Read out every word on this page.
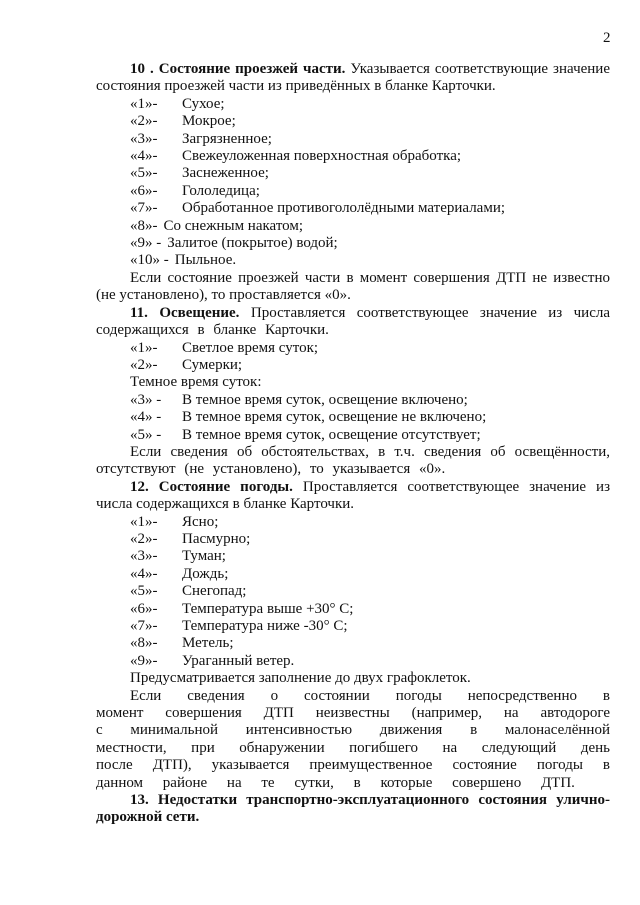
2

10 . Состояние проезжей части. Указывается соответствующие значение состояния проезжей части из приведённых в бланке Карточки.

«1»- Сухое;

«2»- Мокрое;

«3»- Загрязненное;

«4»- Свежеуложенная поверхностная обработка;

«5»- Заснеженное;

«6»- Гололедица;

«7»- Обработанное противогололёдными материалами;

«8»- Со снежным накатом;

«9» - Залитое (покрытое) водой;

«10» - Пыльное.

Если состояние проезжей части в момент совершения ДТП не известно (не установлено), то проставляется «0».

11. Освещение. Проставляется соответствующее значение из числа содержащихся в бланке Карточки.

«1»- Светлое время суток;

«2»- Сумерки;

Темное время суток:

«3» - В темное время суток, освещение включено;

«4» - В темное время суток, освещение не включено;

«5» - В темное время суток, освещение отсутствует;

Если сведения об обстоятельствах, в т.ч. сведения об освещённости, отсутствуют (не установлено), то указывается «0».

12. Состояние погоды. Проставляется соответствующее значение из числа содержащихся в бланке Карточки.

«1»- Ясно;

«2»- Пасмурно;

«3»- Туман;

«4»- Дождь;

«5»- Снегопад;

«6»- Температура выше +30° С;

«7»- Температура ниже -30° С;

«8»- Метель;

«9»- Ураганный ветер.

Предусматривается заполнение до двух графоклеток.

Если сведения о состоянии погоды непосредственно в момент совершения ДТП неизвестны (например, на автодороге с минимальной интенсивностью движения в малонаселённой местности, при обнаружении погибшего на следующий день после ДТП), указывается преимущественное состояние погоды в данном районе на те сутки, в которые совершено ДТП.

13. Недостатки транспортно-эксплуатационного состояния улично-дорожной сети.
